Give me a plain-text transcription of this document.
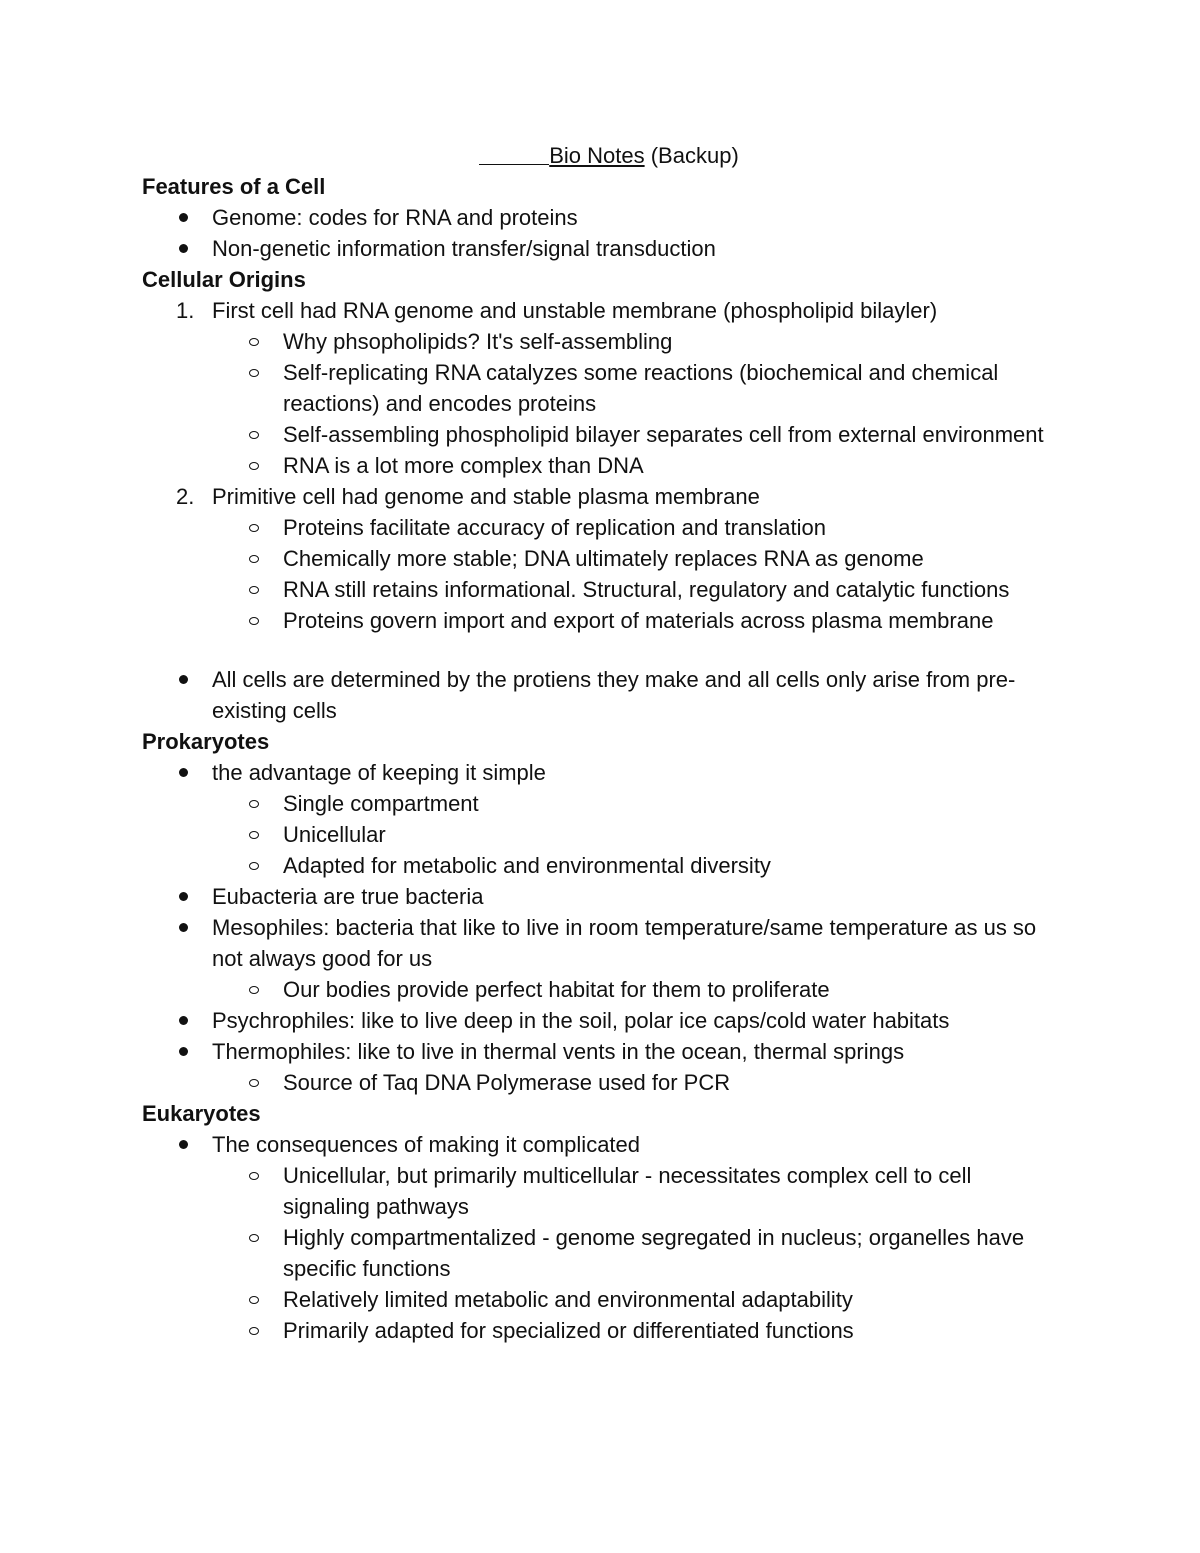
Bio Notes (Backup)
Features of a Cell
Genome: codes for RNA and proteins
Non-genetic information transfer/signal transduction
Cellular Origins
1. First cell had RNA genome and unstable membrane (phospholipid bilayler)
Why phsopholipids? It's self-assembling
Self-replicating RNA catalyzes some reactions (biochemical and chemical reactions) and encodes proteins
Self-assembling phospholipid bilayer separates cell from external environment
RNA is a lot more complex than DNA
2. Primitive cell had genome and stable plasma membrane
Proteins facilitate accuracy of replication and translation
Chemically more stable; DNA ultimately replaces RNA as genome
RNA still retains informational. Structural, regulatory and catalytic functions
Proteins govern import and export of materials across plasma membrane
All cells are determined by the protiens they make and all cells only arise from pre-existing cells
Prokaryotes
the advantage of keeping it simple
Single compartment
Unicellular
Adapted for metabolic and environmental diversity
Eubacteria are true bacteria
Mesophiles: bacteria that like to live in room temperature/same temperature as us so not always good for us
Our bodies provide perfect habitat for them to proliferate
Psychrophiles: like to live deep in the soil, polar ice caps/cold water habitats
Thermophiles: like to live in thermal vents in the ocean, thermal springs
Source of Taq DNA Polymerase used for PCR
Eukaryotes
The consequences of making it complicated
Unicellular, but primarily multicellular - necessitates complex cell to cell signaling pathways
Highly compartmentalized - genome segregated in nucleus; organelles have specific functions
Relatively limited metabolic and environmental adaptability
Primarily adapted for specialized or differentiated functions
